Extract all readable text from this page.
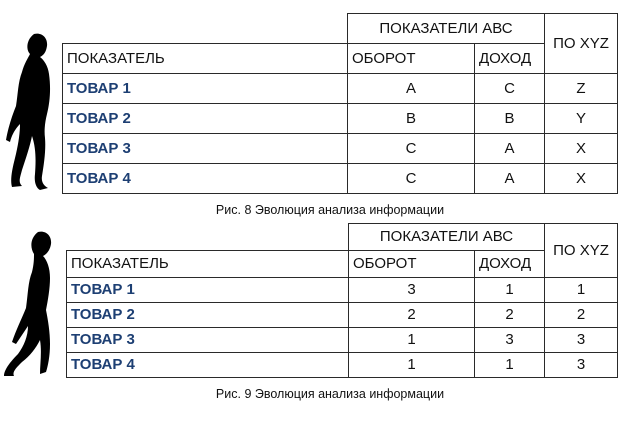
	ПОКАЗАТЕЛИ АВС		ПО XYZ
ПОКАЗАТЕЛЬ	ОБОРОТ	ДОХОД	
ТОВАР 1	A	C	Z
ТОВАР 2	B	B	Y
ТОВАР 3	C	A	X
ТОВАР 4	C	A	X
Рис. 8 Эволюция анализа информации
	ПОКАЗАТЕЛИ АВС		ПО XYZ
ПОКАЗАТЕЛЬ	ОБОРОТ	ДОХОД	
ТОВАР 1	3	1	1
ТОВАР 2	2	2	2
ТОВАР 3	1	3	3
ТОВАР 4	1	1	3
Рис. 9 Эволюция анализа информации
